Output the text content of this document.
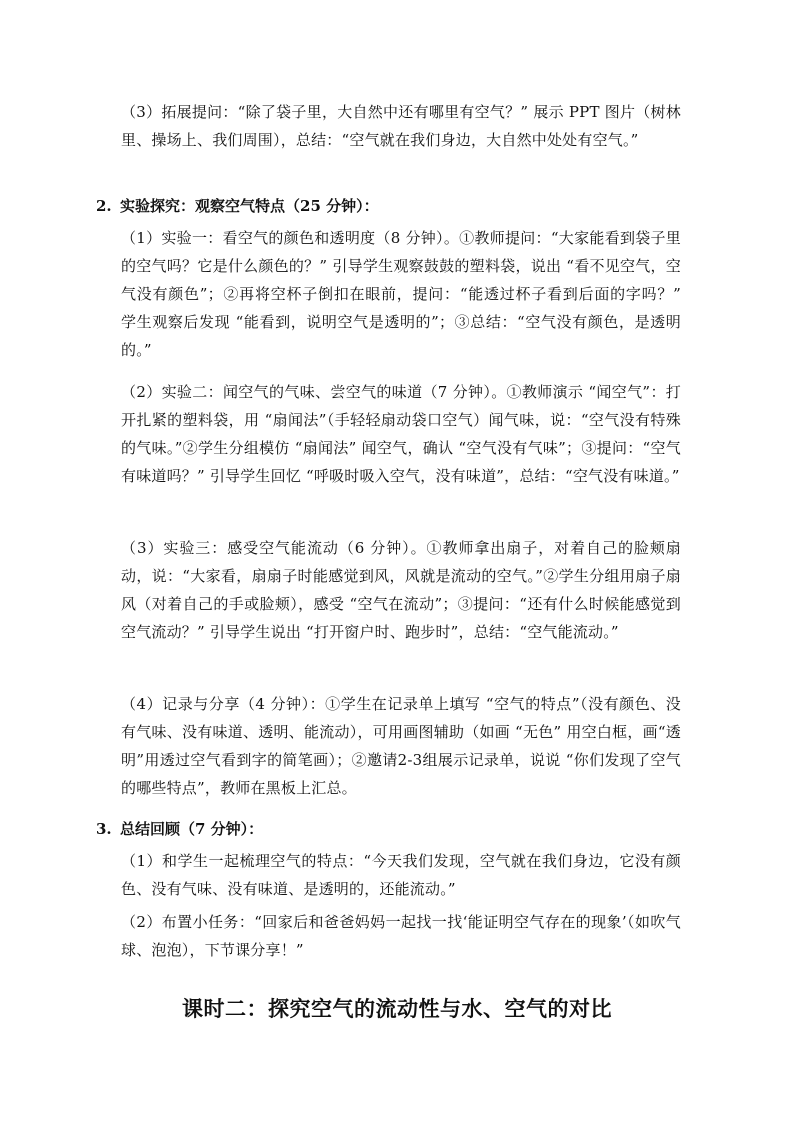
（3）拓展提问：“除了袋子里，大自然中还有哪里有空气？” 展示 PPT 图片（树林里、操场上、我们周围），总结：“空气就在我们身边，大自然中处处有空气。”

2. 实验探究：观察空气特点（25 分钟）：

（1）实验一：看空气的颜色和透明度（8 分钟）。①教师提问：“大家能看到袋子里的空气吗？它是什么颜色的？” 引导学生观察鼓鼓的塑料袋，说出 “看不见空气，空气没有颜色”；②再将空杯子倒扣在眼前，提问：“能透过杯子看到后面的字吗？” 学生观察后发现 “能看到，说明空气是透明的”；③总结：“空气没有颜色，是透明的。”

（2）实验二：闻空气的气味、尝空气的味道（7 分钟）。①教师演示 “闻空气”：打开扎紧的塑料袋，用 “扇闻法”（手轻轻扇动袋口空气）闻气味，说：“空气没有特殊的气味。”②学生分组模仿 “扇闻法” 闻空气，确认 “空气没有气味”；③提问：“空气有味道吗？” 引导学生回忆 “呼吸时吸入空气，没有味道”，总结：“空气没有味道。”

（3）实验三：感受空气能流动（6 分钟）。①教师拿出扇子，对着自己的脸颊扇动，说：“大家看，扇扇子时能感觉到风，风就是流动的空气。”②学生分组用扇子扇风（对着自己的手或脸颊），感受 “空气在流动”；③提问：“还有什么时候能感觉到空气流动？” 引导学生说出 “打开窗户时、跑步时”，总结：“空气能流动。”

（4）记录与分享（4 分钟）：①学生在记录单上填写 “空气的特点”（没有颜色、没有气味、没有味道、透明、能流动），可用画图辅助（如画 “无色” 用空白框，画“透明”用透过空气看到字的简笔画）；②邀请2-3组展示记录单，说说 “你们发现了空气的哪些特点”，教师在黑板上汇总。

3. 总结回顾（7 分钟）：

（1）和学生一起梳理空气的特点：“今天我们发现，空气就在我们身边，它没有颜色、没有气味、没有味道、是透明的，还能流动。”

（2）布置小任务：“回家后和爸爸妈妈一起找一找‘能证明空气存在的现象’（如吹气球、泡泡），下节课分享！”

课时二：探究空气的流动性与水、空气的对比
